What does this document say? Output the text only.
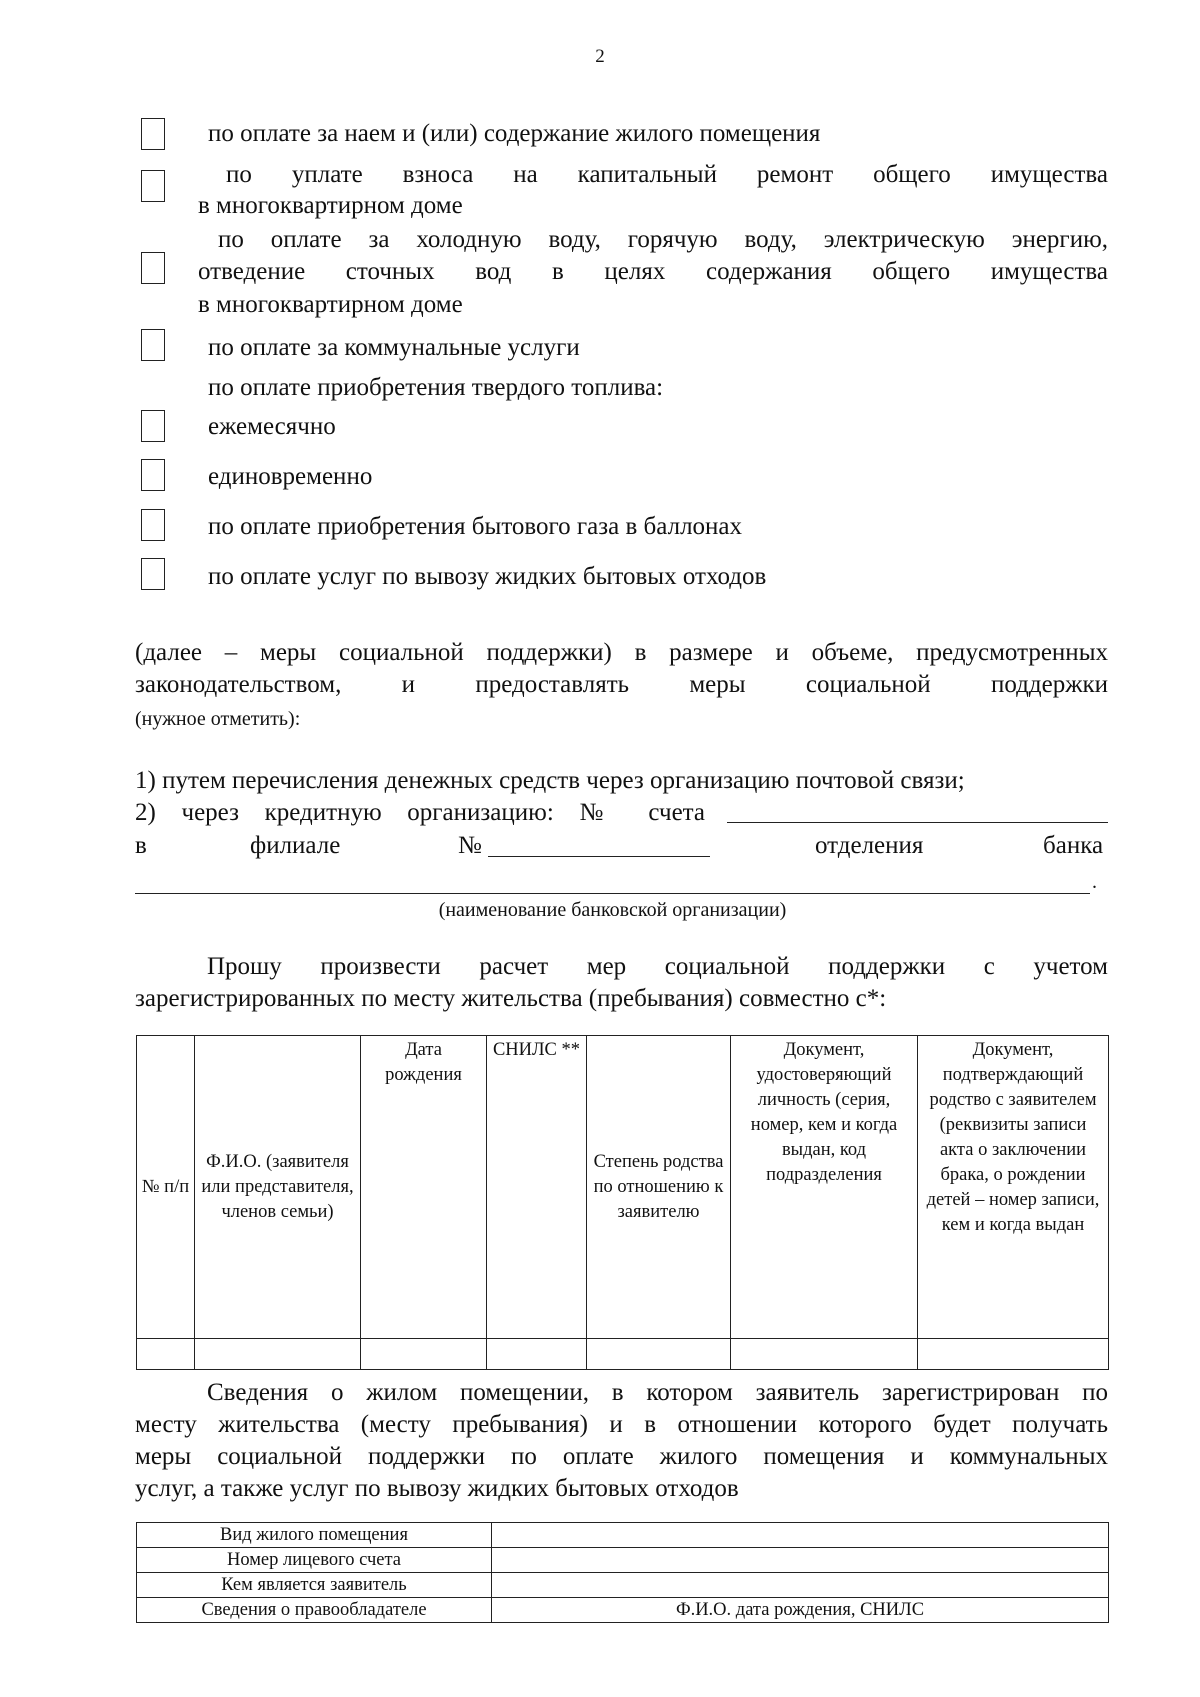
2
по оплате за наем и (или) содержание жилого помещения
по уплате взноса на капитальный ремонт общего имущества
в многоквартирном доме
по оплате за холодную воду, горячую воду, электрическую энергию,
отведение сточных вод в целях содержания общего имущества
в многоквартирном доме
по оплате за коммунальные услуги
по оплате приобретения твердого топлива:
ежемесячно
единовременно
по оплате приобретения бытового газа в баллонах
по оплате услуг по вывозу жидких бытовых отходов
(далее – меры социальной поддержки) в размере и объеме, предусмотренных
законодательством, и предоставлять меры социальной поддержки
(нужное отметить):
1) путем перечисления денежных средств через организацию почтовой связи;
2) через кредитную организацию: № счета
в	филиале	№	отделения	банка
.
(наименование банковской организации)
Прошу произвести расчет мер социальной поддержки с учетом
зарегистрированных по месту жительства (пребывания) совместно с*:
№ п/п	Ф.И.О. (заявителя или представителя, членов семьи)	Дата рождения	СНИЛС **	Степень родства по отношению к заявителю	Документ, удостоверяющий личность (серия, номер, кем и когда выдан, код подразделения	Документ, подтверждающий родство с заявителем (реквизиты записи акта о заключении брака, о рождении детей – номер записи, кем и когда выдан

Сведения о жилом помещении, в котором заявитель зарегистрирован по
месту жительства (месту пребывания) и в отношении которого будет получать
меры социальной поддержки по оплате жилого помещения и коммунальных
услуг, а также услуг по вывозу жидких бытовых отходов
Вид жилого помещения	
Номер лицевого счета	
Кем является заявитель	
Сведения о правообладателе	Ф.И.О. дата рождения, СНИЛС
